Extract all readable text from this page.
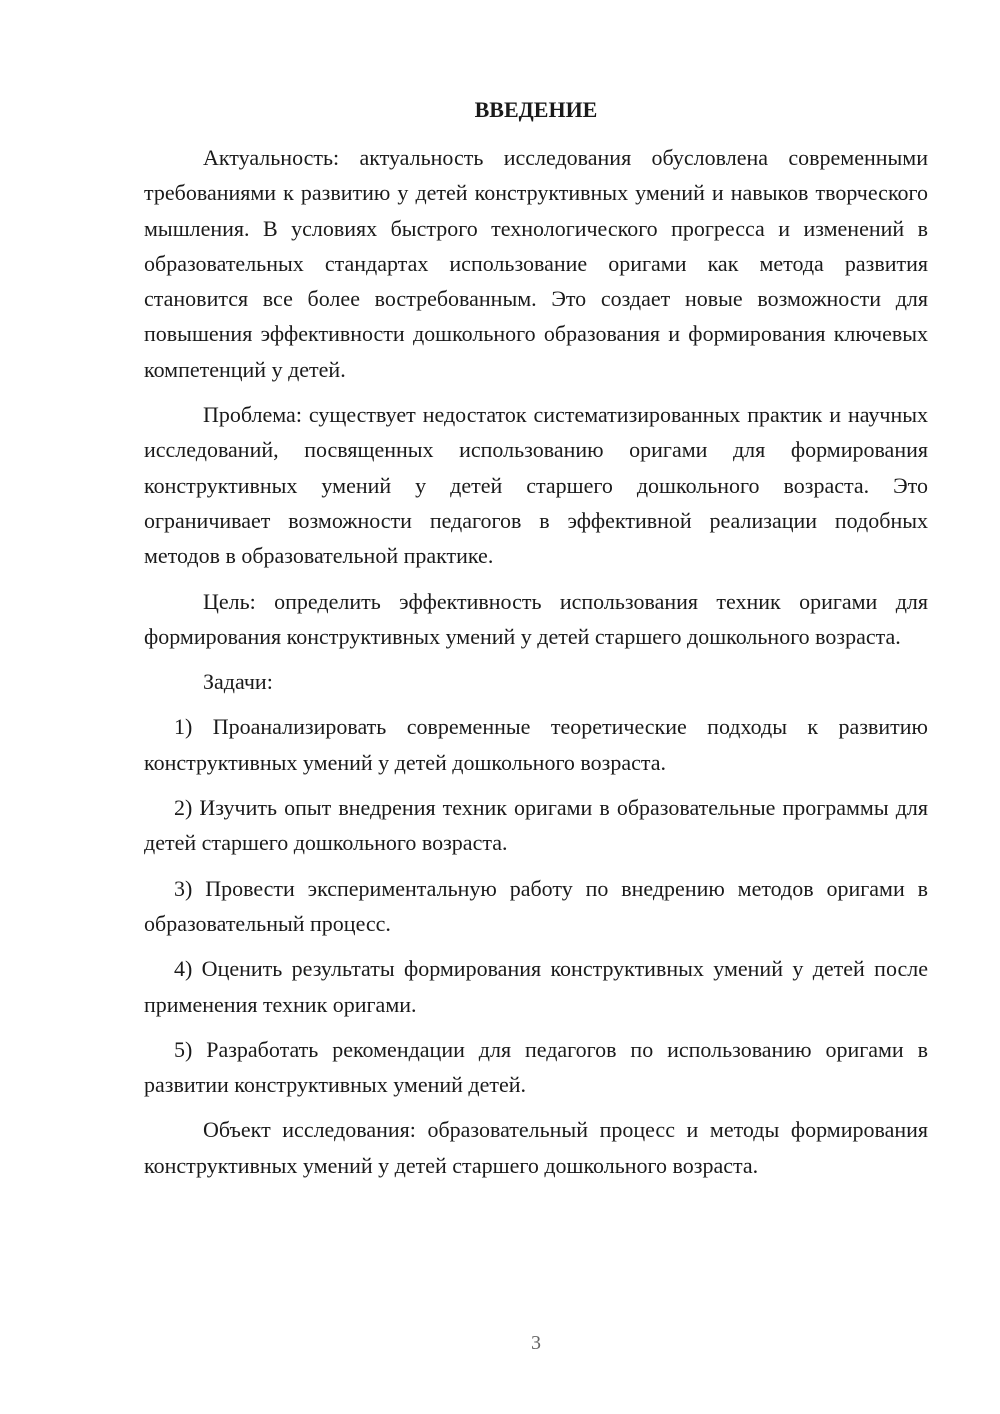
ВВЕДЕНИЕ

Актуальность: актуальность исследования обусловлена современными требованиями к развитию у детей конструктивных умений и навыков творческого мышления. В условиях быстрого технологического прогресса и изменений в образовательных стандартах использование оригами как метода развития становится все более востребованным. Это создает новые возможности для повышения эффективности дошкольного образования и формирования ключевых компетенций у детей.

Проблема: существует недостаток систематизированных практик и научных исследований, посвященных использованию оригами для формирования конструктивных умений у детей старшего дошкольного возраста. Это ограничивает возможности педагогов в эффективной реализации подобных методов в образовательной практике.

Цель: определить эффективность использования техник оригами для формирования конструктивных умений у детей старшего дошкольного возраста.

Задачи:

1) Проанализировать современные теоретические подходы к развитию конструктивных умений у детей дошкольного возраста.

2) Изучить опыт внедрения техник оригами в образовательные программы для детей старшего дошкольного возраста.

3) Провести экспериментальную работу по внедрению методов оригами в образовательный процесс.

4) Оценить результаты формирования конструктивных умений у детей после применения техник оригами.

5) Разработать рекомендации для педагогов по использованию оригами в развитии конструктивных умений детей.

Объект исследования: образовательный процесс и методы формирования конструктивных умений у детей старшего дошкольного возраста.

3
